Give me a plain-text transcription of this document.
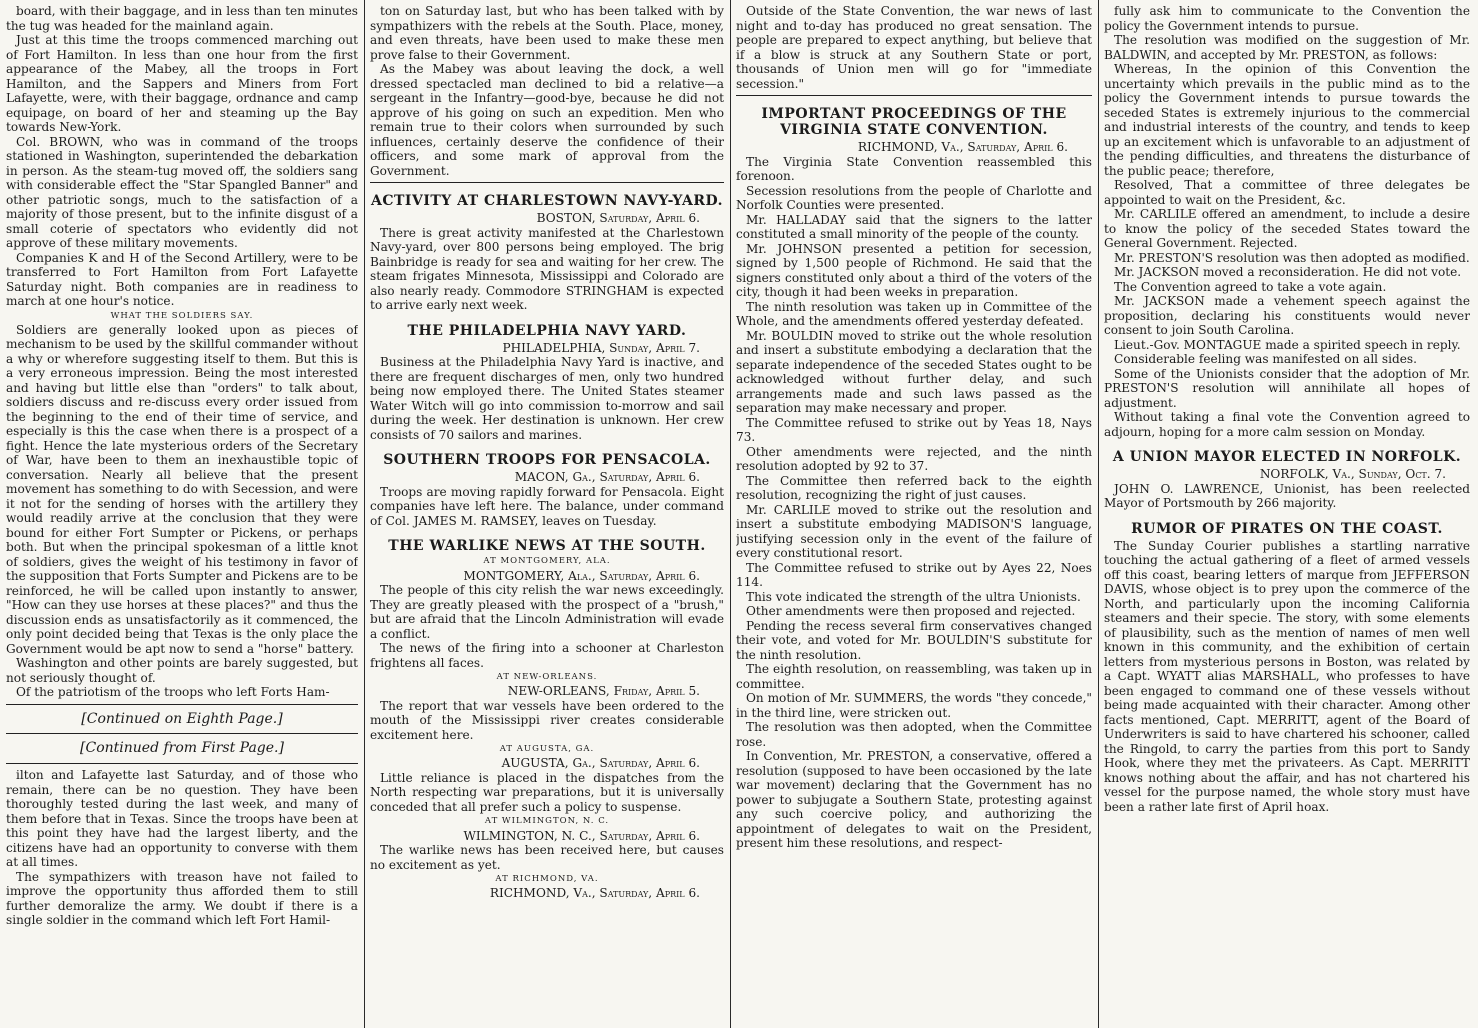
board, with their baggage, and in less than ten minutes the tug was headed for the mainland again.

Just at this time the troops commenced marching out of Fort Hamilton. In less than one hour from the first appearance of the Mabey, all the troops in Fort Hamilton, and the Sappers and Miners from Fort Lafayette, were, with their baggage, ordnance and camp equipage, on board of her and steaming up the Bay towards New-York.

Col. BROWN, who was in command of the troops stationed in Washington, superintended the debarkation in person. As the steam-tug moved off, the soldiers sang with considerable effect the "Star Spangled Banner" and other patriotic songs, much to the satisfaction of a majority of those present, but to the infinite disgust of a small coterie of spectators who evidently did not approve of these military movements.

Companies K and H of the Second Artillery, were to be transferred to Fort Hamilton from Fort Lafayette Saturday night. Both companies are in readiness to march at one hour's notice.

WHAT THE SOLDIERS SAY.

Soldiers are generally looked upon as pieces of mechanism to be used by the skillful commander without a why or wherefore suggesting itself to them. But this is a very erroneous impression. Being the most interested and having but little else than "orders" to talk about, soldiers discuss and re-discuss every order issued from the beginning to the end of their time of service, and especially is this the case when there is a prospect of a fight. Hence the late mysterious orders of the Secretary of War, have been to them an inexhaustible topic of conversation. Nearly all believe that the present movement has something to do with Secession, and were it not for the sending of horses with the artillery they would readily arrive at the conclusion that they were bound for either Fort Sumpter or Pickens, or perhaps both. But when the principal spokesman of a little knot of soldiers, gives the weight of his testimony in favor of the supposition that Forts Sumpter and Pickens are to be reinforced, he will be called upon instantly to answer, "How can they use horses at these places?" and thus the discussion ends as unsatisfactorily as it commenced, the only point decided being that Texas is the only place the Government would be apt now to send a "horse" battery.

Washington and other points are barely suggested, but not seriously thought of.

Of the patriotism of the troops who left Forts Ham-

[Continued on Eighth Page.]
[Continued from First Page.]

ilton and Lafayette last Saturday, and of those who remain, there can be no question. They have been thoroughly tested during the last week, and many of them before that in Texas. Since the troops have been at this point they have had the largest liberty, and the citizens have had an opportunity to converse with them at all times.

The sympathizers with treason have not failed to improve the opportunity thus afforded them to still further demoralize the army. We doubt if there is a single soldier in the command which left Fort Hamil-

ton on Saturday last, but who has been talked with by sympathizers with the rebels at the South. Place, money, and even threats, have been used to make these men prove false to their Government.

As the Mabey was about leaving the dock, a well dressed spectacled man declined to bid a relative—a sergeant in the Infantry—good-bye, because he did not approve of his going on such an expedition. Men who remain true to their colors when surrounded by such influences, certainly deserve the confidence of their officers, and some mark of approval from the Government.

ACTIVITY AT CHARLESTOWN NAVY-YARD.
BOSTON, Saturday, April 6.

There is great activity manifested at the Charlestown Navy-yard, over 800 persons being employed. The brig Bainbridge is ready for sea and waiting for her crew. The steam frigates Minnesota, Mississippi and Colorado are also nearly ready. Commodore STRINGHAM is expected to arrive early next week.

THE PHILADELPHIA NAVY YARD.
PHILADELPHIA, Sunday, April 7.

Business at the Philadelphia Navy Yard is inactive, and there are frequent discharges of men, only two hundred being now employed there. The United States steamer Water Witch will go into commission to-morrow and sail during the week. Her destination is unknown. Her crew consists of 70 sailors and marines.

SOUTHERN TROOPS FOR PENSACOLA.
MACON, Ga., Saturday, April 6.

Troops are moving rapidly forward for Pensacola. Eight companies have left here. The balance, under command of Col. JAMES M. RAMSEY, leaves on Tuesday.

THE WARLIKE NEWS AT THE SOUTH.
AT MONTGOMERY, ALA.
MONTGOMERY, Ala., Saturday, April 6.

The people of this city relish the war news exceedingly. They are greatly pleased with the prospect of a "brush," but are afraid that the Lincoln Administration will evade a conflict.

The news of the firing into a schooner at Charleston frightens all faces.

AT NEW-ORLEANS.
NEW-ORLEANS, Friday, April 5.

The report that war vessels have been ordered to the mouth of the Mississippi river creates considerable excitement here.

AT AUGUSTA, GA.
AUGUSTA, Ga., Saturday, April 6.

Little reliance is placed in the dispatches from the North respecting war preparations, but it is universally conceded that all prefer such a policy to suspense.

AT WILMINGTON, N. C.
WILMINGTON, N. C., Saturday, April 6.

The warlike news has been received here, but causes no excitement as yet.

AT RICHMOND, VA.
RICHMOND, Va., Saturday, April 6.

Outside of the State Convention, the war news of last night and to-day has produced no great sensation. The people are prepared to expect anything, but believe that if a blow is struck at any Southern State or port, thousands of Union men will go for "immediate secession."

IMPORTANT PROCEEDINGS OF THE VIRGINIA STATE CONVENTION.
RICHMOND, Va., Saturday, April 6.

The Virginia State Convention reassembled this forenoon.

Secession resolutions from the people of Charlotte and Norfolk Counties were presented.

Mr. HALLADAY said that the signers to the latter constituted a small minority of the people of the county.

Mr. JOHNSON presented a petition for secession, signed by 1,500 people of Richmond. He said that the signers constituted only about a third of the voters of the city, though it had been weeks in preparation.

The ninth resolution was taken up in Committee of the Whole, and the amendments offered yesterday defeated.

Mr. BOULDIN moved to strike out the whole resolution and insert a substitute embodying a declaration that the separate independence of the seceded States ought to be acknowledged without further delay, and such arrangements made and such laws passed as the separation may make necessary and proper.

The Committee refused to strike out by Yeas 18, Nays 73.

Other amendments were rejected, and the ninth resolution adopted by 92 to 37.

The Committee then referred back to the eighth resolution, recognizing the right of just causes.

Mr. CARLILE moved to strike out the resolution and insert a substitute embodying MADISON'S language, justifying secession only in the event of the failure of every constitutional resort.

The Committee refused to strike out by Ayes 22, Noes 114.

This vote indicated the strength of the ultra Unionists.

Other amendments were then proposed and rejected.

Pending the recess several firm conservatives changed their vote, and voted for Mr. BOULDIN'S substitute for the ninth resolution.

The eighth resolution, on reassembling, was taken up in committee.

On motion of Mr. SUMMERS, the words "they concede," in the third line, were stricken out.

The resolution was then adopted, when the Committee rose.

In Convention, Mr. PRESTON, a conservative, offered a resolution (supposed to have been occasioned by the late war movement) declaring that the Government has no power to subjugate a Southern State, protesting against any such coercive policy, and authorizing the appointment of delegates to wait on the President, present him these resolutions, and respect-

fully ask him to communicate to the Convention the policy the Government intends to pursue.

The resolution was modified on the suggestion of Mr. BALDWIN, and accepted by Mr. PRESTON, as follows:

Whereas, In the opinion of this Convention the uncertainty which prevails in the public mind as to the policy the Government intends to pursue towards the seceded States is extremely injurious to the commercial and industrial interests of the country, and tends to keep up an excitement which is unfavorable to an adjustment of the pending difficulties, and threatens the disturbance of the public peace; therefore,

Resolved, That a committee of three delegates be appointed to wait on the President, &c.

Mr. CARLILE offered an amendment, to include a desire to know the policy of the seceded States toward the General Government. Rejected.

Mr. PRESTON'S resolution was then adopted as modified.

Mr. JACKSON moved a reconsideration. He did not vote.

The Convention agreed to take a vote again.

Mr. JACKSON made a vehement speech against the proposition, declaring his constituents would never consent to join South Carolina.

Lieut.-Gov. MONTAGUE made a spirited speech in reply.

Considerable feeling was manifested on all sides.

Some of the Unionists consider that the adoption of Mr. PRESTON'S resolution will annihilate all hopes of adjustment.

Without taking a final vote the Convention agreed to adjourn, hoping for a more calm session on Monday.

A UNION MAYOR ELECTED IN NORFOLK.
NORFOLK, Va., Sunday, Oct. 7.

JOHN O. LAWRENCE, Unionist, has been reelected Mayor of Portsmouth by 266 majority.

RUMOR OF PIRATES ON THE COAST.

The Sunday Courier publishes a startling narrative touching the actual gathering of a fleet of armed vessels off this coast, bearing letters of marque from JEFFERSON DAVIS, whose object is to prey upon the commerce of the North, and particularly upon the incoming California steamers and their specie. The story, with some elements of plausibility, such as the mention of names of men well known in this community, and the exhibition of certain letters from mysterious persons in Boston, was related by a Capt. WYATT alias MARSHALL, who professes to have been engaged to command one of these vessels without being made acquainted with their character. Among other facts mentioned, Capt. MERRITT, agent of the Board of Underwriters is said to have chartered his schooner, called the Ringold, to carry the parties from this port to Sandy Hook, where they met the privateers. As Capt. MERRITT knows nothing about the affair, and has not chartered his vessel for the purpose named, the whole story must have been a rather late first of April hoax.
